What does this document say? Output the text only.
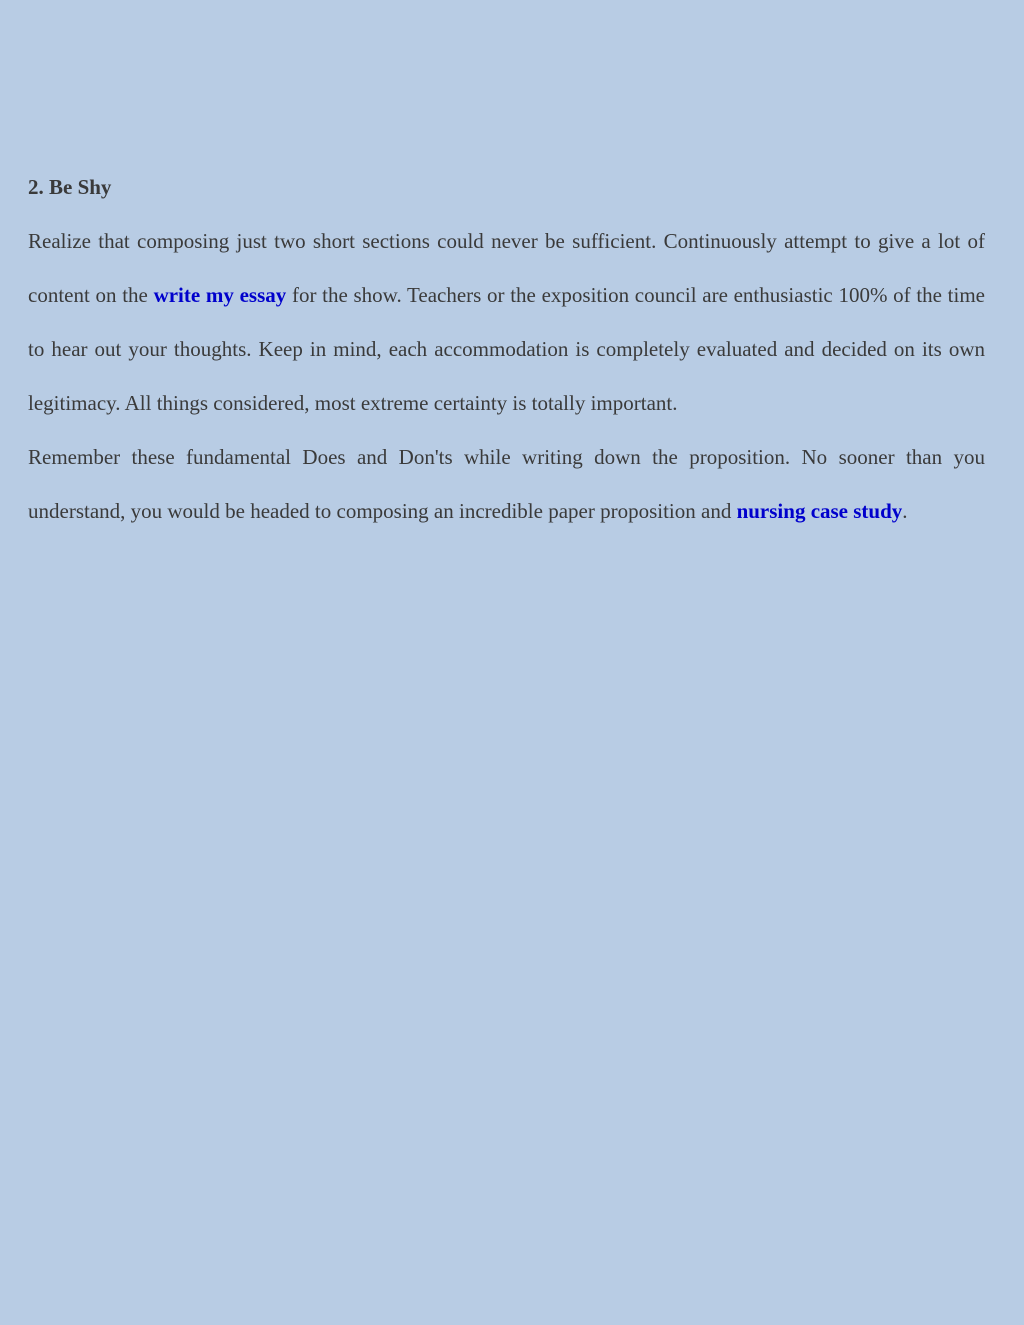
2. Be Shy

Realize that composing just two short sections could never be sufficient. Continuously attempt to give a lot of content on the write my essay for the show. Teachers or the exposition council are enthusiastic 100% of the time to hear out your thoughts. Keep in mind, each accommodation is completely evaluated and decided on its own legitimacy. All things considered, most extreme certainty is totally important.

Remember these fundamental Does and Don'ts while writing down the proposition. No sooner than you understand, you would be headed to composing an incredible paper proposition and nursing case study.
